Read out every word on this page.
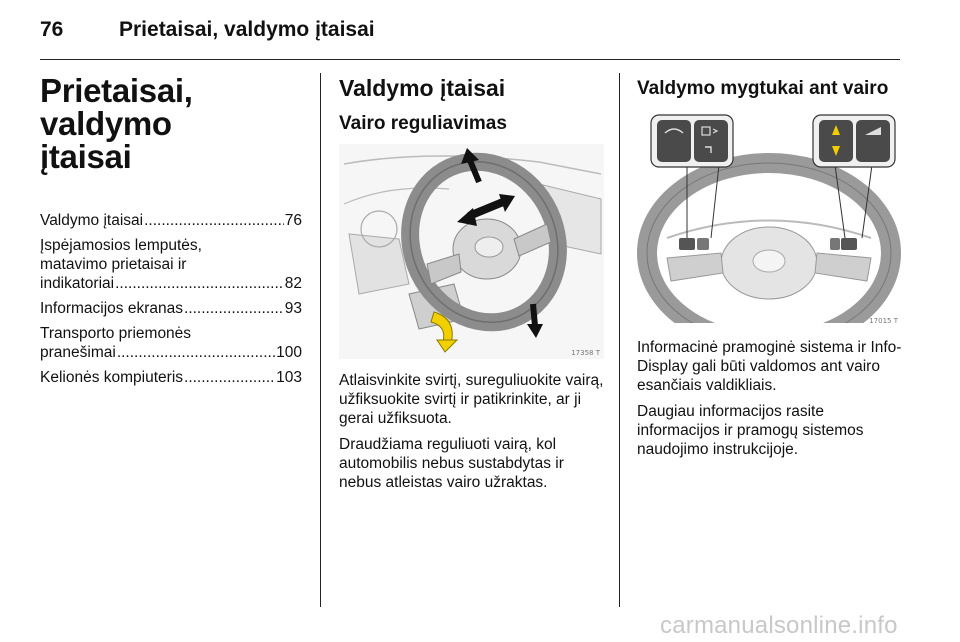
76	Prietaisai, valdymo įtaisai
Prietaisai, valdymo
įtaisai
Valdymo įtaisai .....	76
Įspėjamosios lemputės,
matavimo prietaisai ir
indikatoriai .....	82
Informacijos ekranas .....	93
Transporto priemonės
pranešimai .....	100
Kelionės kompiuteris .....	103
Valdymo įtaisai
Vairo reguliavimas
17358 T

Atlaisvinkite svirtį, sureguliuokite vairą, užfiksuokite svirtį ir patikrinkite, ar ji gerai užfiksuota.

Draudžiama reguliuoti vairą, kol automobilis nebus sustabdytas ir nebus atleistas vairo užraktas.

Valdymo mygtukai ant vairo
17015 T

Informacinė pramoginė sistema ir Info-Display gali būti valdomos ant vairo esančiais valdikliais.

Daugiau informacijos rasite informacijos ir pramogų sistemos naudojimo instrukcijoje.

carmanualsonline.info
